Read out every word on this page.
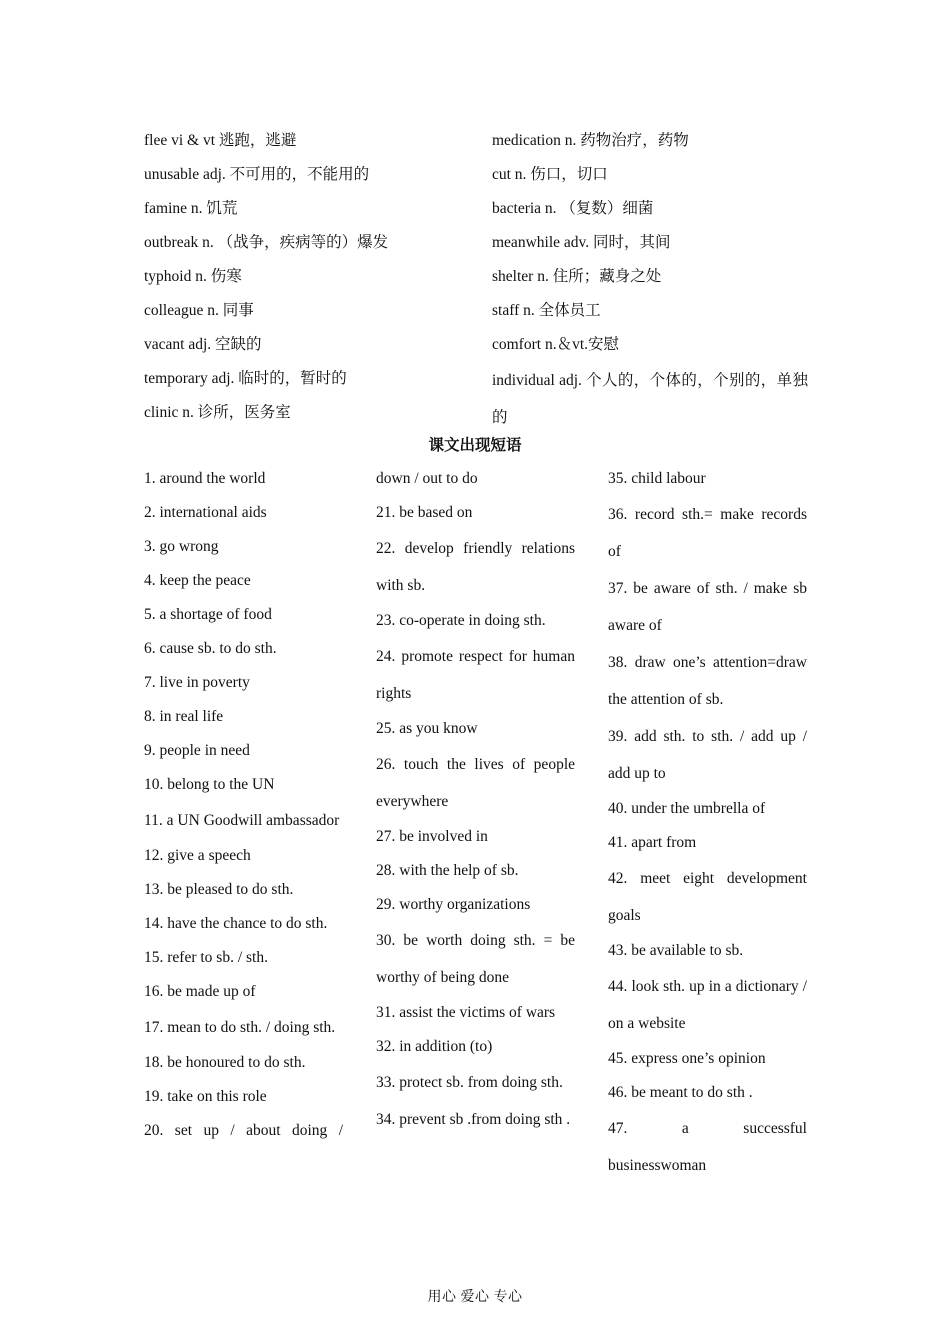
flee vi & vt 逃跑，逃避
unusable adj. 不可用的，不能用的
famine n. 饥荒
outbreak n. （战争，疾病等的）爆发
typhoid n. 伤寒
colleague n. 同事
vacant adj. 空缺的
temporary adj. 临时的，暂时的
clinic n. 诊所，医务室
medication n. 药物治疗，药物
cut n. 伤口，切口
bacteria n. （复数）细菌
meanwhile adv. 同时，其间
shelter n. 住所；藏身之处
staff n. 全体员工
comfort n.＆vt.安慰
individual adj. 个人的，个体的，个别的，单独的
课文出现短语
1. around the world
2. international aids
3. go wrong
4. keep the peace
5. a shortage of food
6. cause sb. to do sth.
7. live in poverty
8. in real life
9. people in need
10. belong to the UN
11. a UN Goodwill ambassador
12. give a speech
13. be pleased to do sth.
14. have the chance to do sth.
15. refer to sb. / sth.
16. be made up of
17. mean to do sth. / doing sth.
18. be honoured to do sth.
19. take on this role
20. set up / about doing /
down / out to do
21. be based on
22. develop friendly relations with sb.
23. co-operate in doing sth.
24. promote respect for human rights
25. as you know
26. touch the lives of people everywhere
27. be involved in
28. with the help of sb.
29. worthy organizations
30. be worth doing sth. = be worthy of being done
31. assist the victims of wars
32. in addition (to)
33. protect sb. from doing sth.
34. prevent sb .from doing sth .
35. child labour
36. record sth.= make records of
37. be aware of sth. / make sb aware of
38. draw one’s attention=draw the attention of sb.
39. add sth. to sth. / add up / add up to
40. under the umbrella of
41. apart from
42. meet eight development goals
43. be available to sb.
44. look sth. up in a dictionary / on a website
45. express one’s opinion
46. be meant to do sth .
47. a successful businesswoman
用心 爱心 专心
